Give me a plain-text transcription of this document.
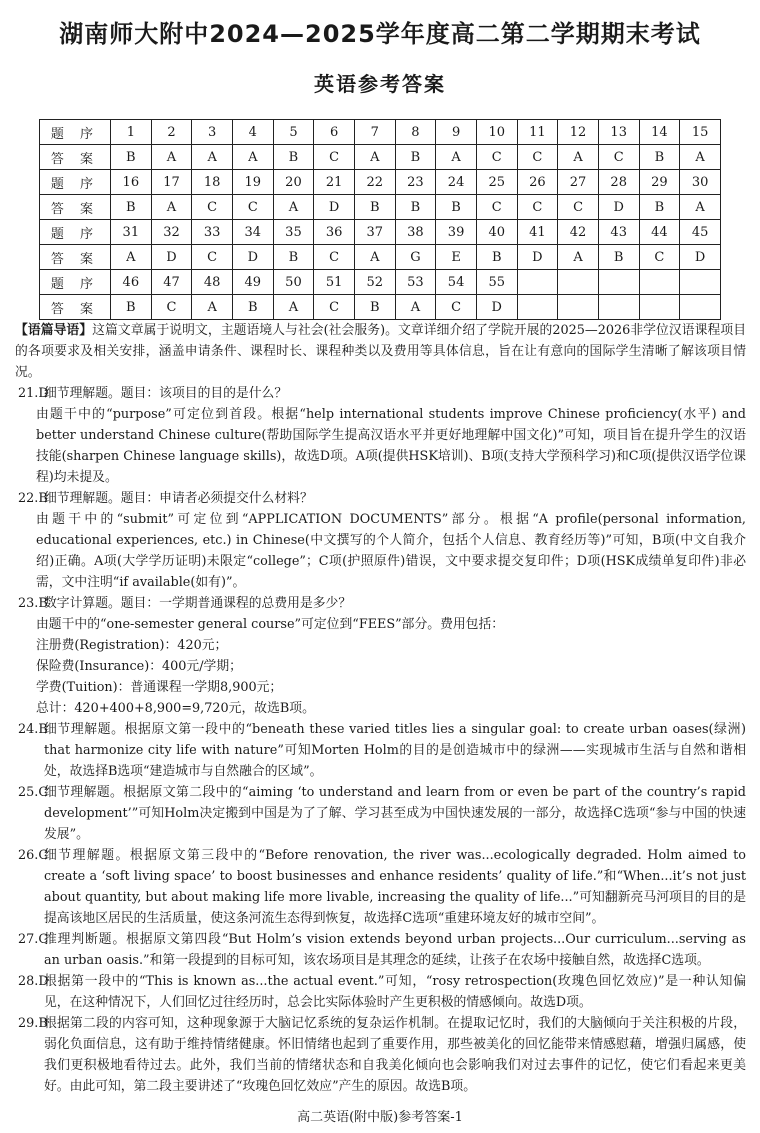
湖南师大附中2024—2025学年度高二第二学期期末考试
英语参考答案
题 序	1	2	3	4	5	6	7	8	9	10	11	12	13	14	15
答 案	B	A	A	A	B	C	A	B	A	C	C	A	C	B	A
题 序	16	17	18	19	20	21	22	23	24	25	26	27	28	29	30
答 案	B	A	C	C	A	D	B	B	B	C	C	C	D	B	A
题 序	31	32	33	34	35	36	37	38	39	40	41	42	43	44	45
答 案	A	D	C	D	B	C	A	G	E	B	D	A	B	C	D
题 序	46	47	48	49	50	51	52	53	54	55					
答 案	B	C	A	B	A	C	B	A	C	D					
【语篇导语】这篇文章属于说明文，主题语境人与社会(社会服务)。文章详细介绍了学院开展的2025—2026非学位汉语课程项目的各项要求及相关安排，涵盖申请条件、课程时长、课程种类以及费用等具体信息，旨在让有意向的国际学生清晰了解该项目情况。
21.D
细节理解题。题目：该项目的目的是什么？
由题干中的“purpose”可定位到首段。根据“help international students improve Chinese proficiency(水平) and better understand Chinese culture(帮助国际学生提高汉语水平并更好地理解中国文化)”可知，项目旨在提升学生的汉语技能(sharpen Chinese language skills)，故选D项。A项(提供HSK培训)、B项(支持大学预科学习)和C项(提供汉语学位课程)均未提及。
22.B
细节理解题。题目：申请者必须提交什么材料？
由题干中的“submit”可定位到“APPLICATION DOCUMENTS”部分。根据“A profile(personal information, educational experiences, etc.) in Chinese(中文撰写的个人简介，包括个人信息、教育经历等)”可知，B项(中文自我介绍)正确。A项(大学学历证明)未限定“college”；C项(护照原件)错误，文中要求提交复印件；D项(HSK成绩单复印件)非必需，文中注明“if available(如有)”。
23.B
数字计算题。题目：一学期普通课程的总费用是多少？
由题干中的“one-semester general course”可定位到“FEES”部分。费用包括：
注册费(Registration)：420元；
保险费(Insurance)：400元/学期；
学费(Tuition)：普通课程一学期8,900元；
总计：420+400+8,900=9,720元，故选B项。
24.B
细节理解题。根据原文第一段中的“beneath these varied titles lies a singular goal: to create urban oases(绿洲) that harmonize city life with nature”可知Morten Holm的目的是创造城市中的绿洲——实现城市生活与自然和谐相处，故选择B选项“建造城市与自然融合的区域”。
25.C
细节理解题。根据原文第二段中的“aiming ‘to understand and learn from or even be part of the country’s rapid development’”可知Holm决定搬到中国是为了了解、学习甚至成为中国快速发展的一部分，故选择C选项“参与中国的快速发展”。
26.C
细节理解题。根据原文第三段中的“Before renovation, the river was...ecologically degraded. Holm aimed to create a ‘soft living space’ to boost businesses and enhance residents’ quality of life.”和“When...it’s not just about quantity, but about making life more livable, increasing the quality of life...”可知翻新亮马河项目的目的是提高该地区居民的生活质量，使这条河流生态得到恢复，故选择C选项“重建环境友好的城市空间”。
27.C
推理判断题。根据原文第四段“But Holm’s vision extends beyond urban projects...Our curriculum...serving as an urban oasis.”和第一段提到的目标可知，该农场项目是其理念的延续，让孩子在农场中接触自然，故选择C选项。
28.D
根据第一段中的“This is known as...the actual event.”可知，“rosy retrospection(玫瑰色回忆效应)”是一种认知偏见，在这种情况下，人们回忆过往经历时，总会比实际体验时产生更积极的情感倾向。故选D项。
29.B
根据第二段的内容可知，这种现象源于大脑记忆系统的复杂运作机制。在提取记忆时，我们的大脑倾向于关注积极的片段，弱化负面信息，这有助于维持情绪健康。怀旧情绪也起到了重要作用，那些被美化的回忆能带来情感慰藉，增强归属感，使我们更积极地看待过去。此外，我们当前的情绪状态和自我美化倾向也会影响我们对过去事件的记忆，使它们看起来更美好。由此可知，第二段主要讲述了“玫瑰色回忆效应”产生的原因。故选B项。
高二英语(附中版)参考答案-1
